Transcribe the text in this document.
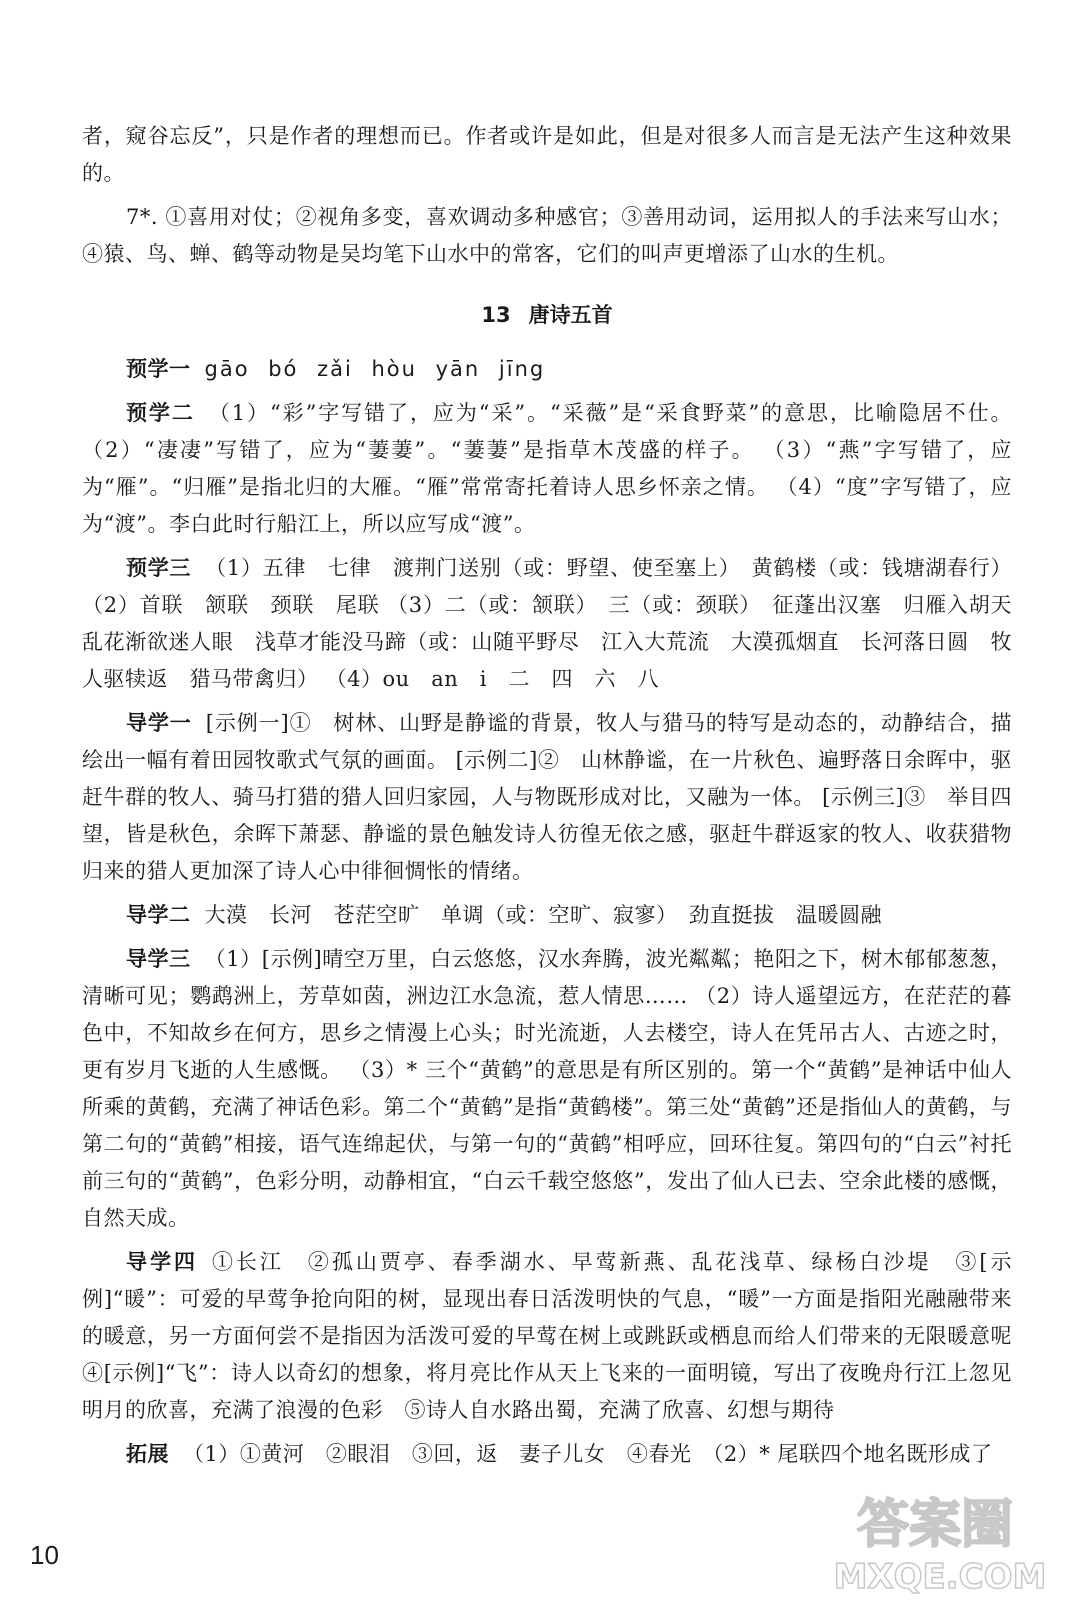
者，窥谷忘反”，只是作者的理想而已。作者或许是如此，但是对很多人而言是无法产生这种效果的。

7*. ①喜用对仗；②视角多变，喜欢调动多种感官；③善用动词，运用拟人的手法来写山水；④猿、鸟、蝉、鹤等动物是吴均笔下山水中的常客，它们的叫声更增添了山水的生机。

13 唐诗五首

预学一 gāo bó zǎi hòu yān jīng

预学二 （1）“彩”字写错了，应为“采”。“采薇”是“采食野菜”的意思，比喻隐居不仕。（2）“凄凄”写错了，应为“萋萋”。“萋萋”是指草木茂盛的样子。 （3）“燕”字写错了，应为“雁”。“归雁”是指北归的大雁。“雁”常常寄托着诗人思乡怀亲之情。 （4）“度”字写错了，应为“渡”。李白此时行船江上，所以应写成“渡”。

预学三 （1）五律　七律　渡荆门送别（或：野望、使至塞上）　黄鹤楼（或：钱塘湖春行）（2）首联　颔联　颈联　尾联 （3）二（或：颔联）　三（或：颈联）　征蓬出汉塞　归雁入胡天　乱花渐欲迷人眼　浅草才能没马蹄（或：山随平野尽　江入大荒流　大漠孤烟直　长河落日圆　牧人驱犊返　猎马带禽归） （4）ou　an　i　二　四　六　八

导学一 [示例一]①　树林、山野是静谧的背景，牧人与猎马的特写是动态的，动静结合，描绘出一幅有着田园牧歌式气氛的画面。 [示例二]②　山林静谧，在一片秋色、遍野落日余晖中，驱赶牛群的牧人、骑马打猎的猎人回归家园，人与物既形成对比，又融为一体。 [示例三]③　举目四望，皆是秋色，余晖下萧瑟、静谧的景色触发诗人彷徨无依之感，驱赶牛群返家的牧人、收获猎物归来的猎人更加深了诗人心中徘徊惆怅的情绪。

导学二 大漠　长河　苍茫空旷　单调（或：空旷、寂寥）　劲直挺拔　温暖圆融

导学三 （1）[示例]晴空万里，白云悠悠，汉水奔腾，波光粼粼；艳阳之下，树木郁郁葱葱，清晰可见；鹦鹉洲上，芳草如茵，洲边江水急流，惹人情思…… （2）诗人遥望远方，在茫茫的暮色中，不知故乡在何方，思乡之情漫上心头；时光流逝，人去楼空，诗人在凭吊古人、古迹之时，更有岁月飞逝的人生感慨。 （3）* 三个“黄鹤”的意思是有所区别的。第一个“黄鹤”是神话中仙人所乘的黄鹤，充满了神话色彩。第二个“黄鹤”是指“黄鹤楼”。第三处“黄鹤”还是指仙人的黄鹤，与第二句的“黄鹤”相接，语气连绵起伏，与第一句的“黄鹤”相呼应，回环往复。第四句的“白云”衬托前三句的“黄鹤”，色彩分明，动静相宜，“白云千载空悠悠”，发出了仙人已去、空余此楼的感慨，自然天成。

导学四 ①长江　②孤山贾亭、春季湖水、早莺新燕、乱花浅草、绿杨白沙堤　③[示例]“暖”：可爱的早莺争抢向阳的树，显现出春日活泼明快的气息，“暖”一方面是指阳光融融带来的暖意，另一方面何尝不是指因为活泼可爱的早莺在树上或跳跃或栖息而给人们带来的无限暖意呢　④[示例]“飞”：诗人以奇幻的想象，将月亮比作从天上飞来的一面明镜，写出了夜晚舟行江上忽见明月的欣喜，充满了浪漫的色彩　⑤诗人自水路出蜀，充满了欣喜、幻想与期待

拓展 （1）①黄河　②眼泪　③回，返　妻子儿女　④春光　（2）* 尾联四个地名既形成了

10	答案圈
MXQE.COM
